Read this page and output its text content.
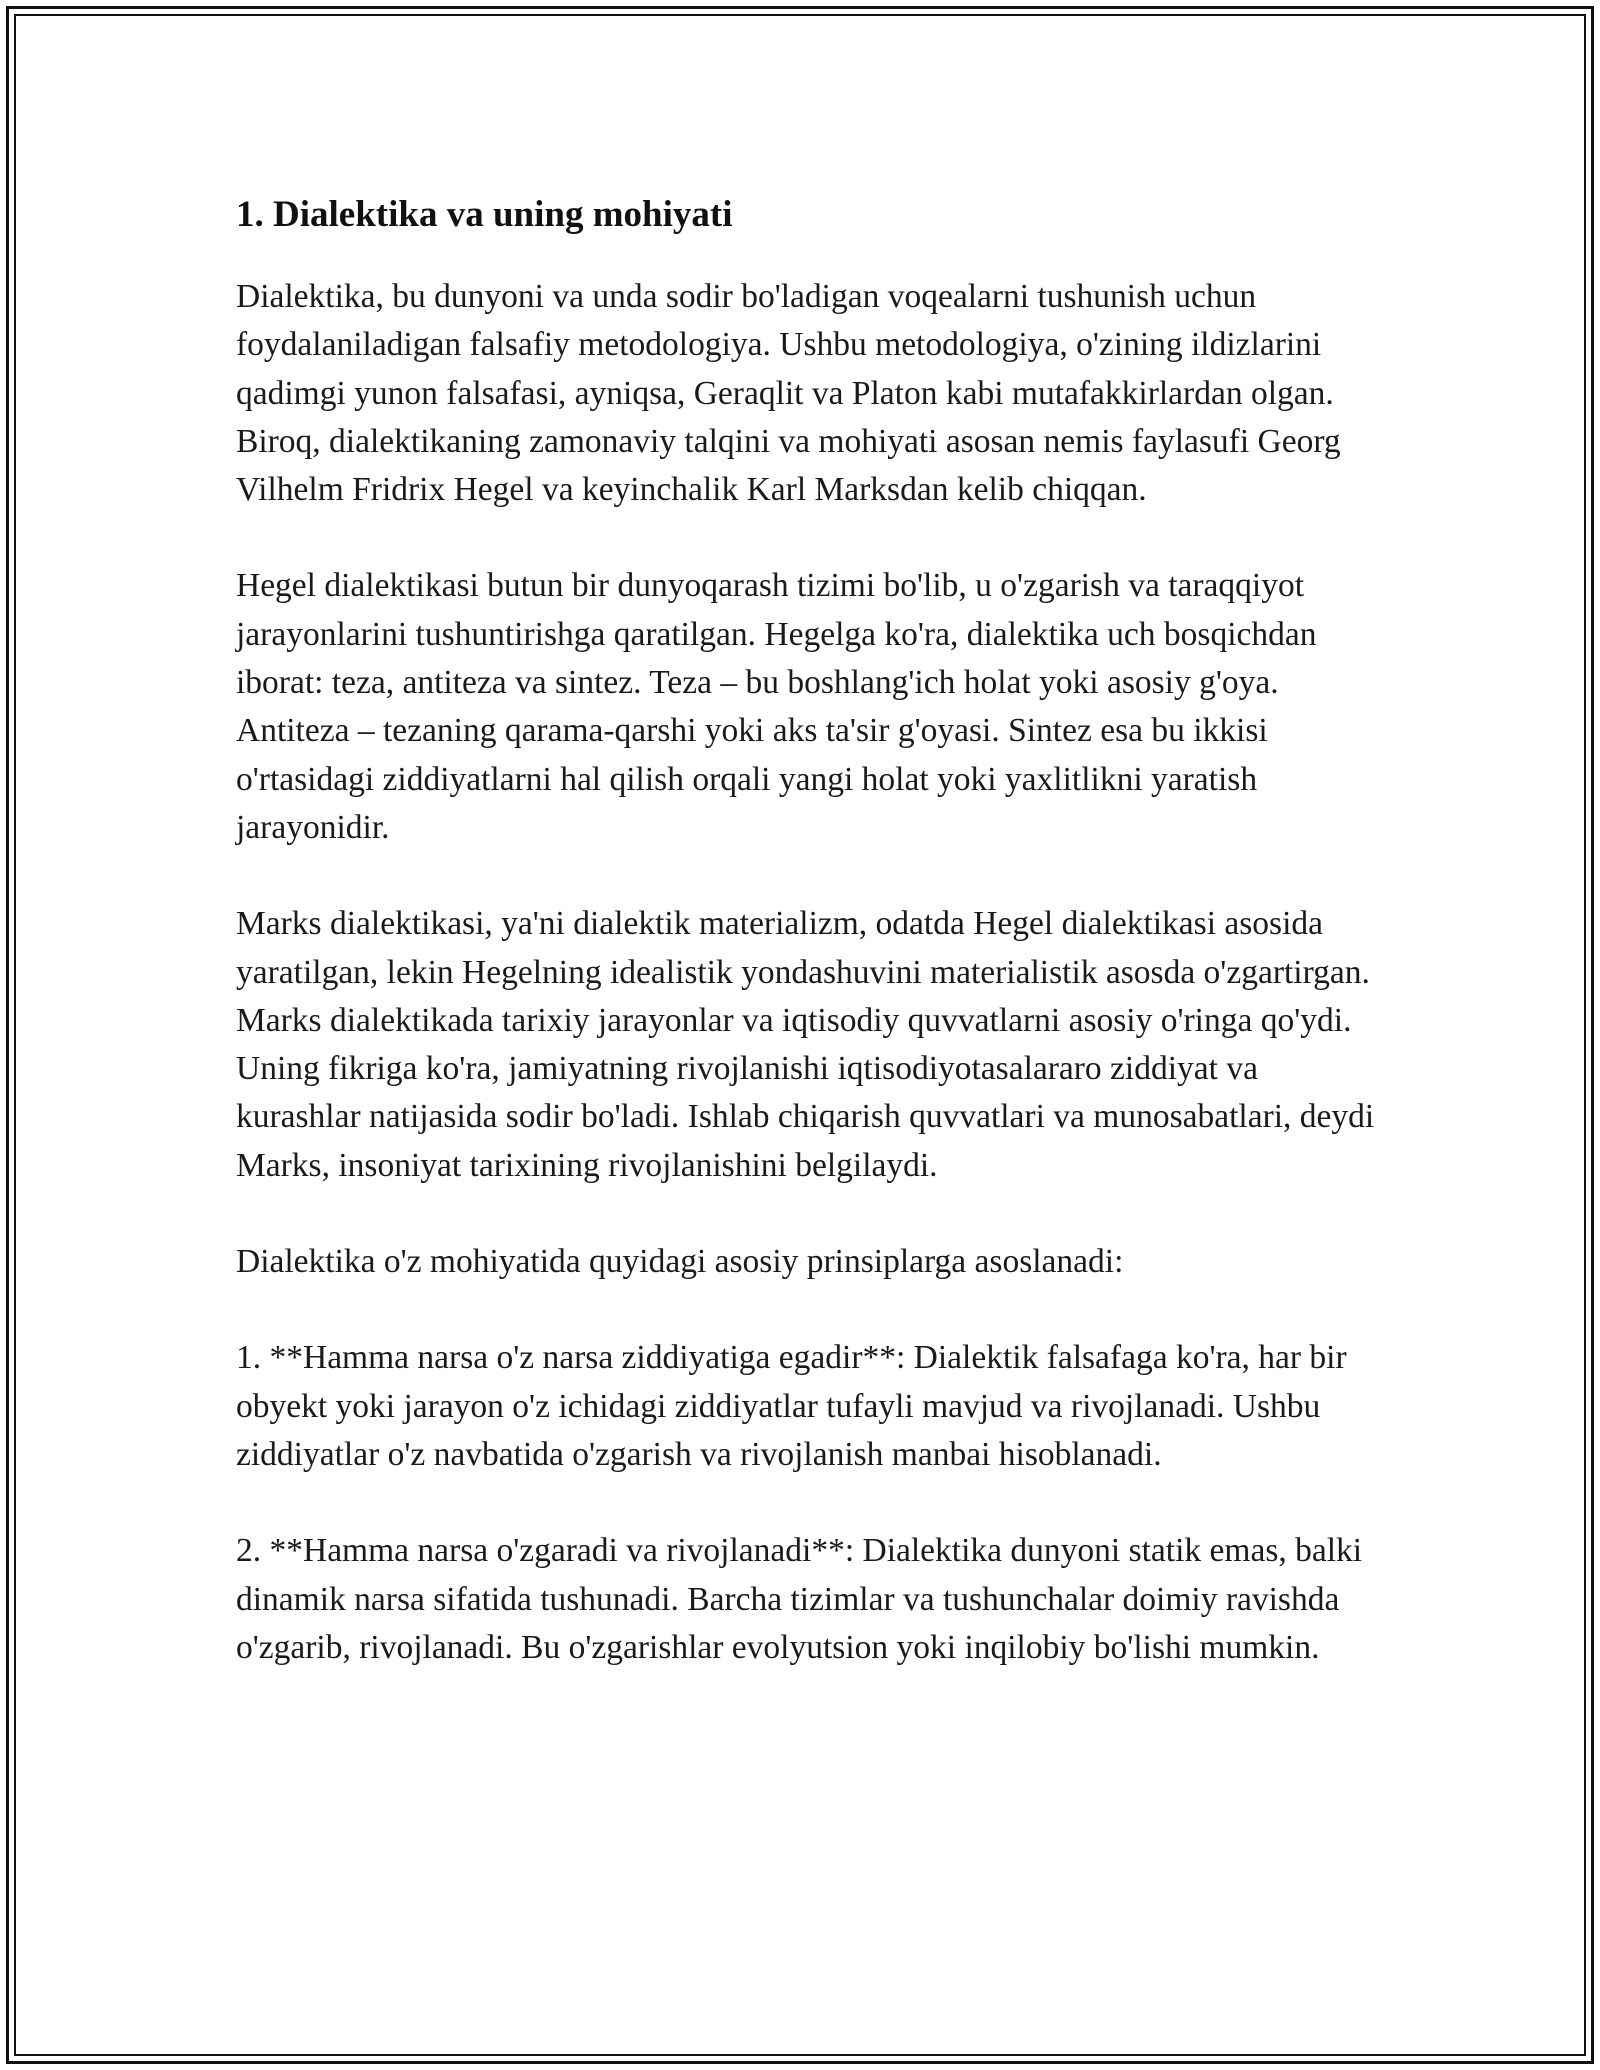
1. Dialektika va uning mohiyati

Dialektika, bu dunyoni va unda sodir bo'ladigan voqealarni tushunish uchun foydalaniladigan falsafiy metodologiya. Ushbu metodologiya, o'zining ildizlarini qadimgi yunon falsafasi, ayniqsa, Geraqlit va Platon kabi mutafakkirlardan olgan. Biroq, dialektikaning zamonaviy talqini va mohiyati asosan nemis faylasufi Georg Vilhelm Fridrix Hegel va keyinchalik Karl Marksdan kelib chiqqan.

Hegel dialektikasi butun bir dunyoqarash tizimi bo'lib, u o'zgarish va taraqqiyot jarayonlarini tushuntirishga qaratilgan. Hegelga ko'ra, dialektika uch bosqichdan iborat: teza, antiteza va sintez. Teza – bu boshlang'ich holat yoki asosiy g'oya. Antiteza – tezaning qarama-qarshi yoki aks ta'sir g'oyasi. Sintez esa bu ikkisi o'rtasidagi ziddiyatlarni hal qilish orqali yangi holat yoki yaxlitlikni yaratish jarayonidir.

Marks dialektikasi, ya'ni dialektik materializm, odatda Hegel dialektikasi asosida yaratilgan, lekin Hegelning idealistik yondashuvini materialistik asosda o'zgartirgan. Marks dialektikada tarixiy jarayonlar va iqtisodiy quvvatlarni asosiy o'ringa qo'ydi. Uning fikriga ko'ra, jamiyatning rivojlanishi iqtisodiyotasalararo ziddiyat va kurashlar natijasida sodir bo'ladi. Ishlab chiqarish quvvatlari va munosabatlari, deydi Marks, insoniyat tarixining rivojlanishini belgilaydi.

Dialektika o'z mohiyatida quyidagi asosiy prinsiplarga asoslanadi:

1. **Hamma narsa o'z narsa ziddiyatiga egadir**: Dialektik falsafaga ko'ra, har bir obyekt yoki jarayon o'z ichidagi ziddiyatlar tufayli mavjud va rivojlanadi. Ushbu ziddiyatlar o'z navbatida o'zgarish va rivojlanish manbai hisoblanadi.

2. **Hamma narsa o'zgaradi va rivojlanadi**: Dialektika dunyoni statik emas, balki dinamik narsa sifatida tushunadi. Barcha tizimlar va tushunchalar doimiy ravishda o'zgarib, rivojlanadi. Bu o'zgarishlar evolyutsion yoki inqilobiy bo'lishi mumkin.
